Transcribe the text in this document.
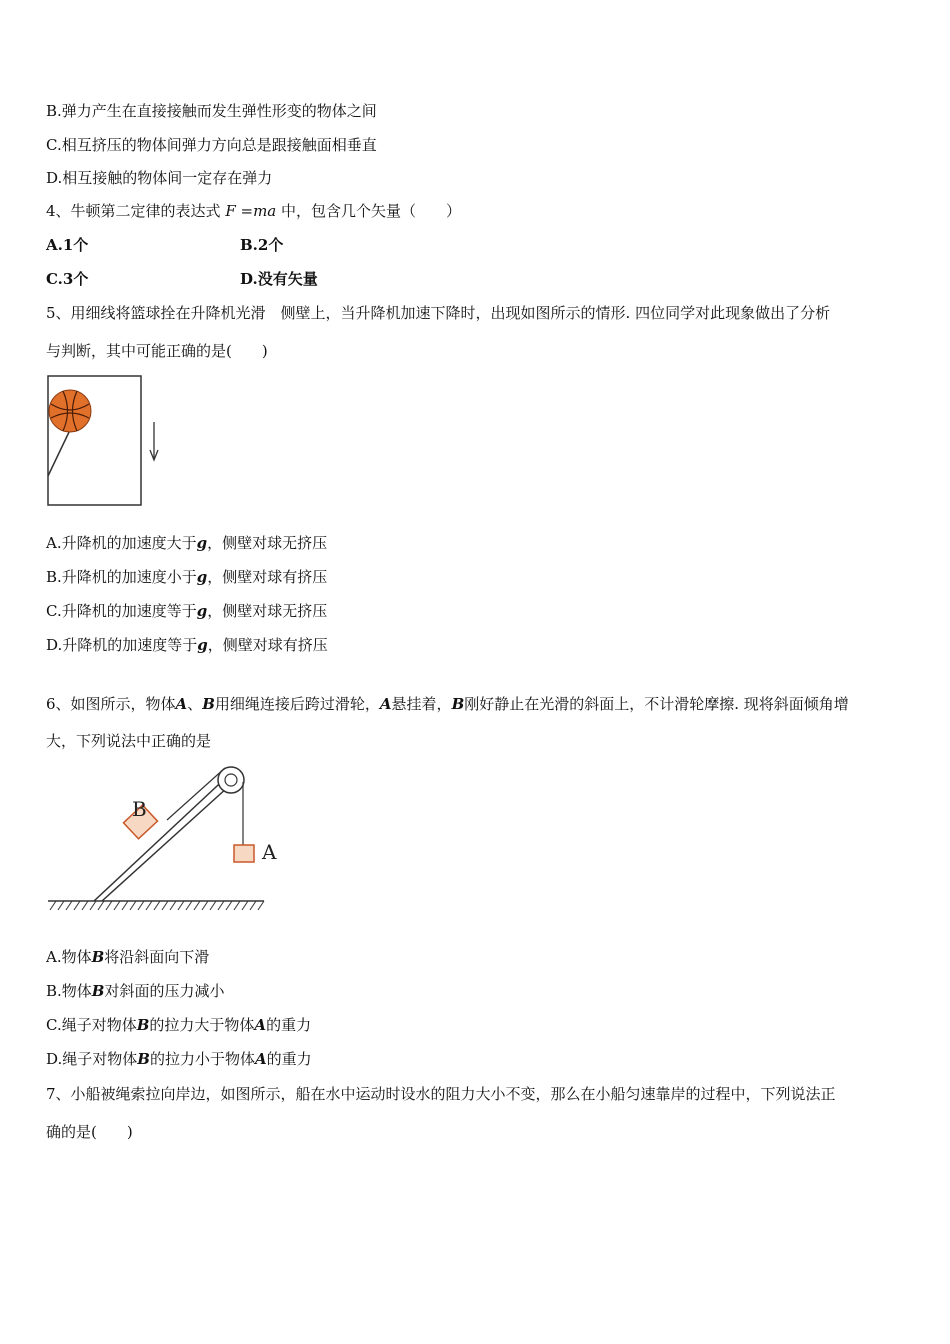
B.弹力产生在直接接触而发生弹性形变的物体之间
C.相互挤压的物体间弹力方向总是跟接触面相垂直
D.相互接触的物体间一定存在弹力
4、牛顿第二定律的表达式 F =ma 中，包含几个矢量（　　）
A.1个	B.2个
C.3个	D.没有矢量
5、用细线将篮球拴在升降机光滑　侧壁上，当升降机加速下降时，出现如图所示的情形. 四位同学对此现象做出了分析
与判断，其中可能正确的是(　　)
A.升降机的加速度大于g，侧壁对球无挤压
B.升降机的加速度小于g，侧壁对球有挤压
C.升降机的加速度等于g，侧壁对球无挤压
D.升降机的加速度等于g，侧壁对球有挤压
6、如图所示，物体A、B用细绳连接后跨过滑轮，A悬挂着，B刚好静止在光滑的斜面上，不计滑轮摩擦. 现将斜面倾角增
大，下列说法中正确的是
B
A
A.物体B将沿斜面向下滑
B.物体B对斜面的压力减小
C.绳子对物体B的拉力大于物体A的重力
D.绳子对物体B的拉力小于物体A的重力
7、小船被绳索拉向岸边，如图所示，船在水中运动时设水的阻力大小不变，那么在小船匀速靠岸的过程中，下列说法正
确的是(　　)
